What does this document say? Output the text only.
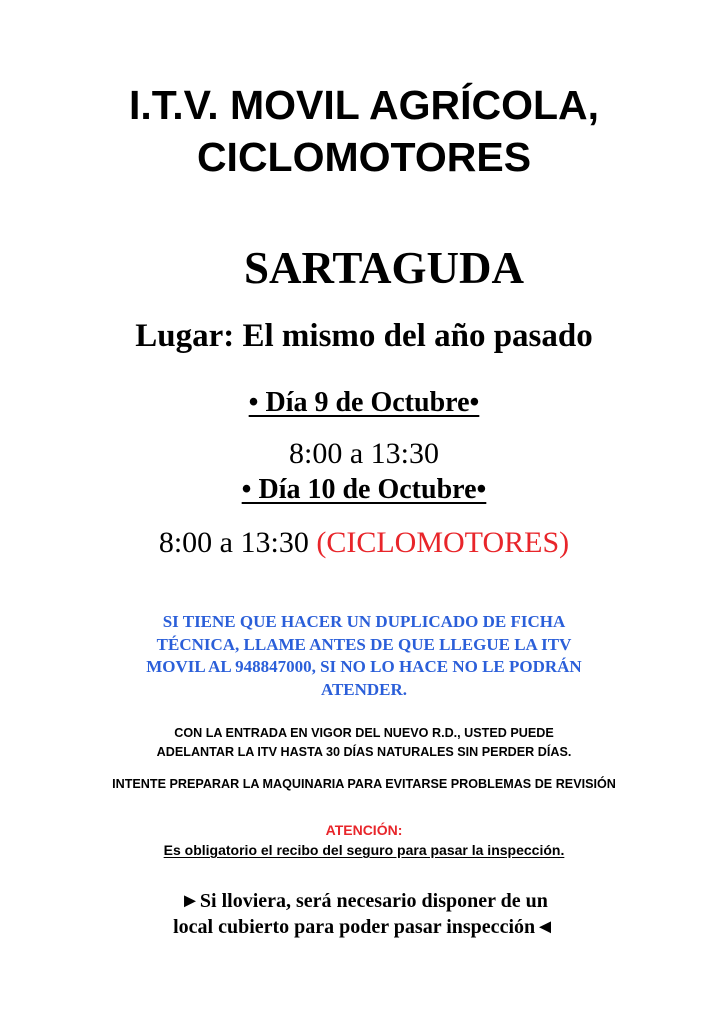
I.T.V. MOVIL AGRÍCOLA,
CICLOMOTORES
SARTAGUDA
Lugar: El mismo del año pasado
• Día 9 de Octubre•
8:00 a 13:30
• Día 10 de Octubre•
8:00 a 13:30 (CICLOMOTORES)
SI TIENE QUE HACER UN DUPLICADO DE FICHA
TÉCNICA, LLAME ANTES DE QUE LLEGUE LA ITV
MOVIL AL 948847000, SI NO LO HACE NO LE PODRÁN
ATENDER.
CON LA ENTRADA EN VIGOR DEL NUEVO R.D., USTED PUEDE
ADELANTAR LA ITV HASTA 30 DÍAS NATURALES SIN PERDER DÍAS.
INTENTE PREPARAR LA MAQUINARIA PARA EVITARSE PROBLEMAS DE REVISIÓN
ATENCIÓN:
Es obligatorio el recibo del seguro para pasar la inspección.
►Si lloviera, será necesario disponer de un
local cubierto para poder pasar inspección◄
